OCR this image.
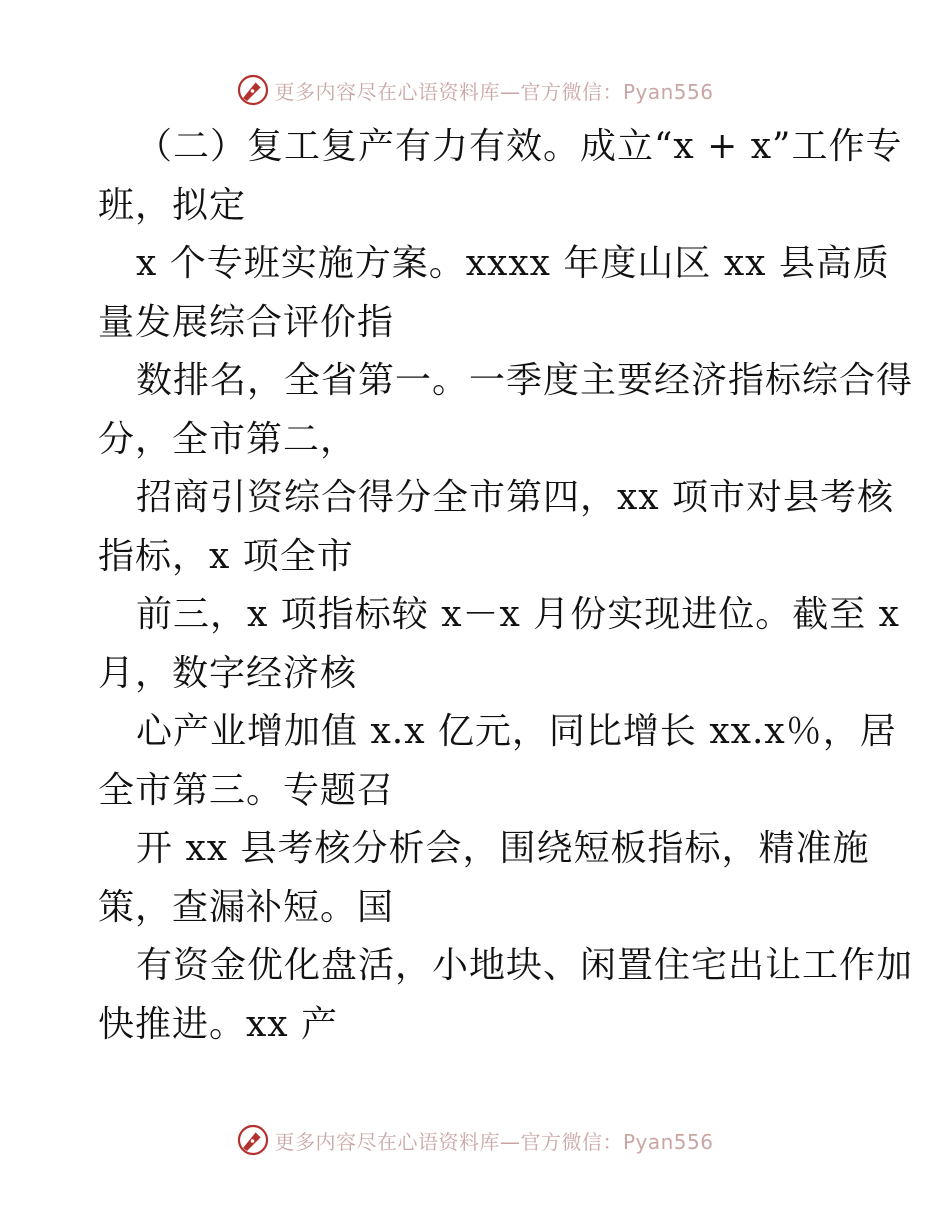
更多内容尽在心语资料库—官方微信：Pyan556
（二）复工复产有力有效。成立“x + x”工作专
班，拟定
x 个专班实施方案。xxxx 年度山区 xx 县高质
量发展综合评价指
数排名，全省第一。一季度主要经济指标综合得
分，全市第二，
招商引资综合得分全市第四，xx 项市对县考核
指标，x 项全市
前三，x 项指标较 x－x 月份实现进位。截至 x
月，数字经济核
心产业增加值 x.x 亿元，同比增长 xx.x％，居
全市第三。专题召
开 xx 县考核分析会，围绕短板指标，精准施
策，查漏补短。国
有资金优化盘活，小地块、闲置住宅出让工作加
快推进。xx 产
更多内容尽在心语资料库—官方微信：Pyan556
